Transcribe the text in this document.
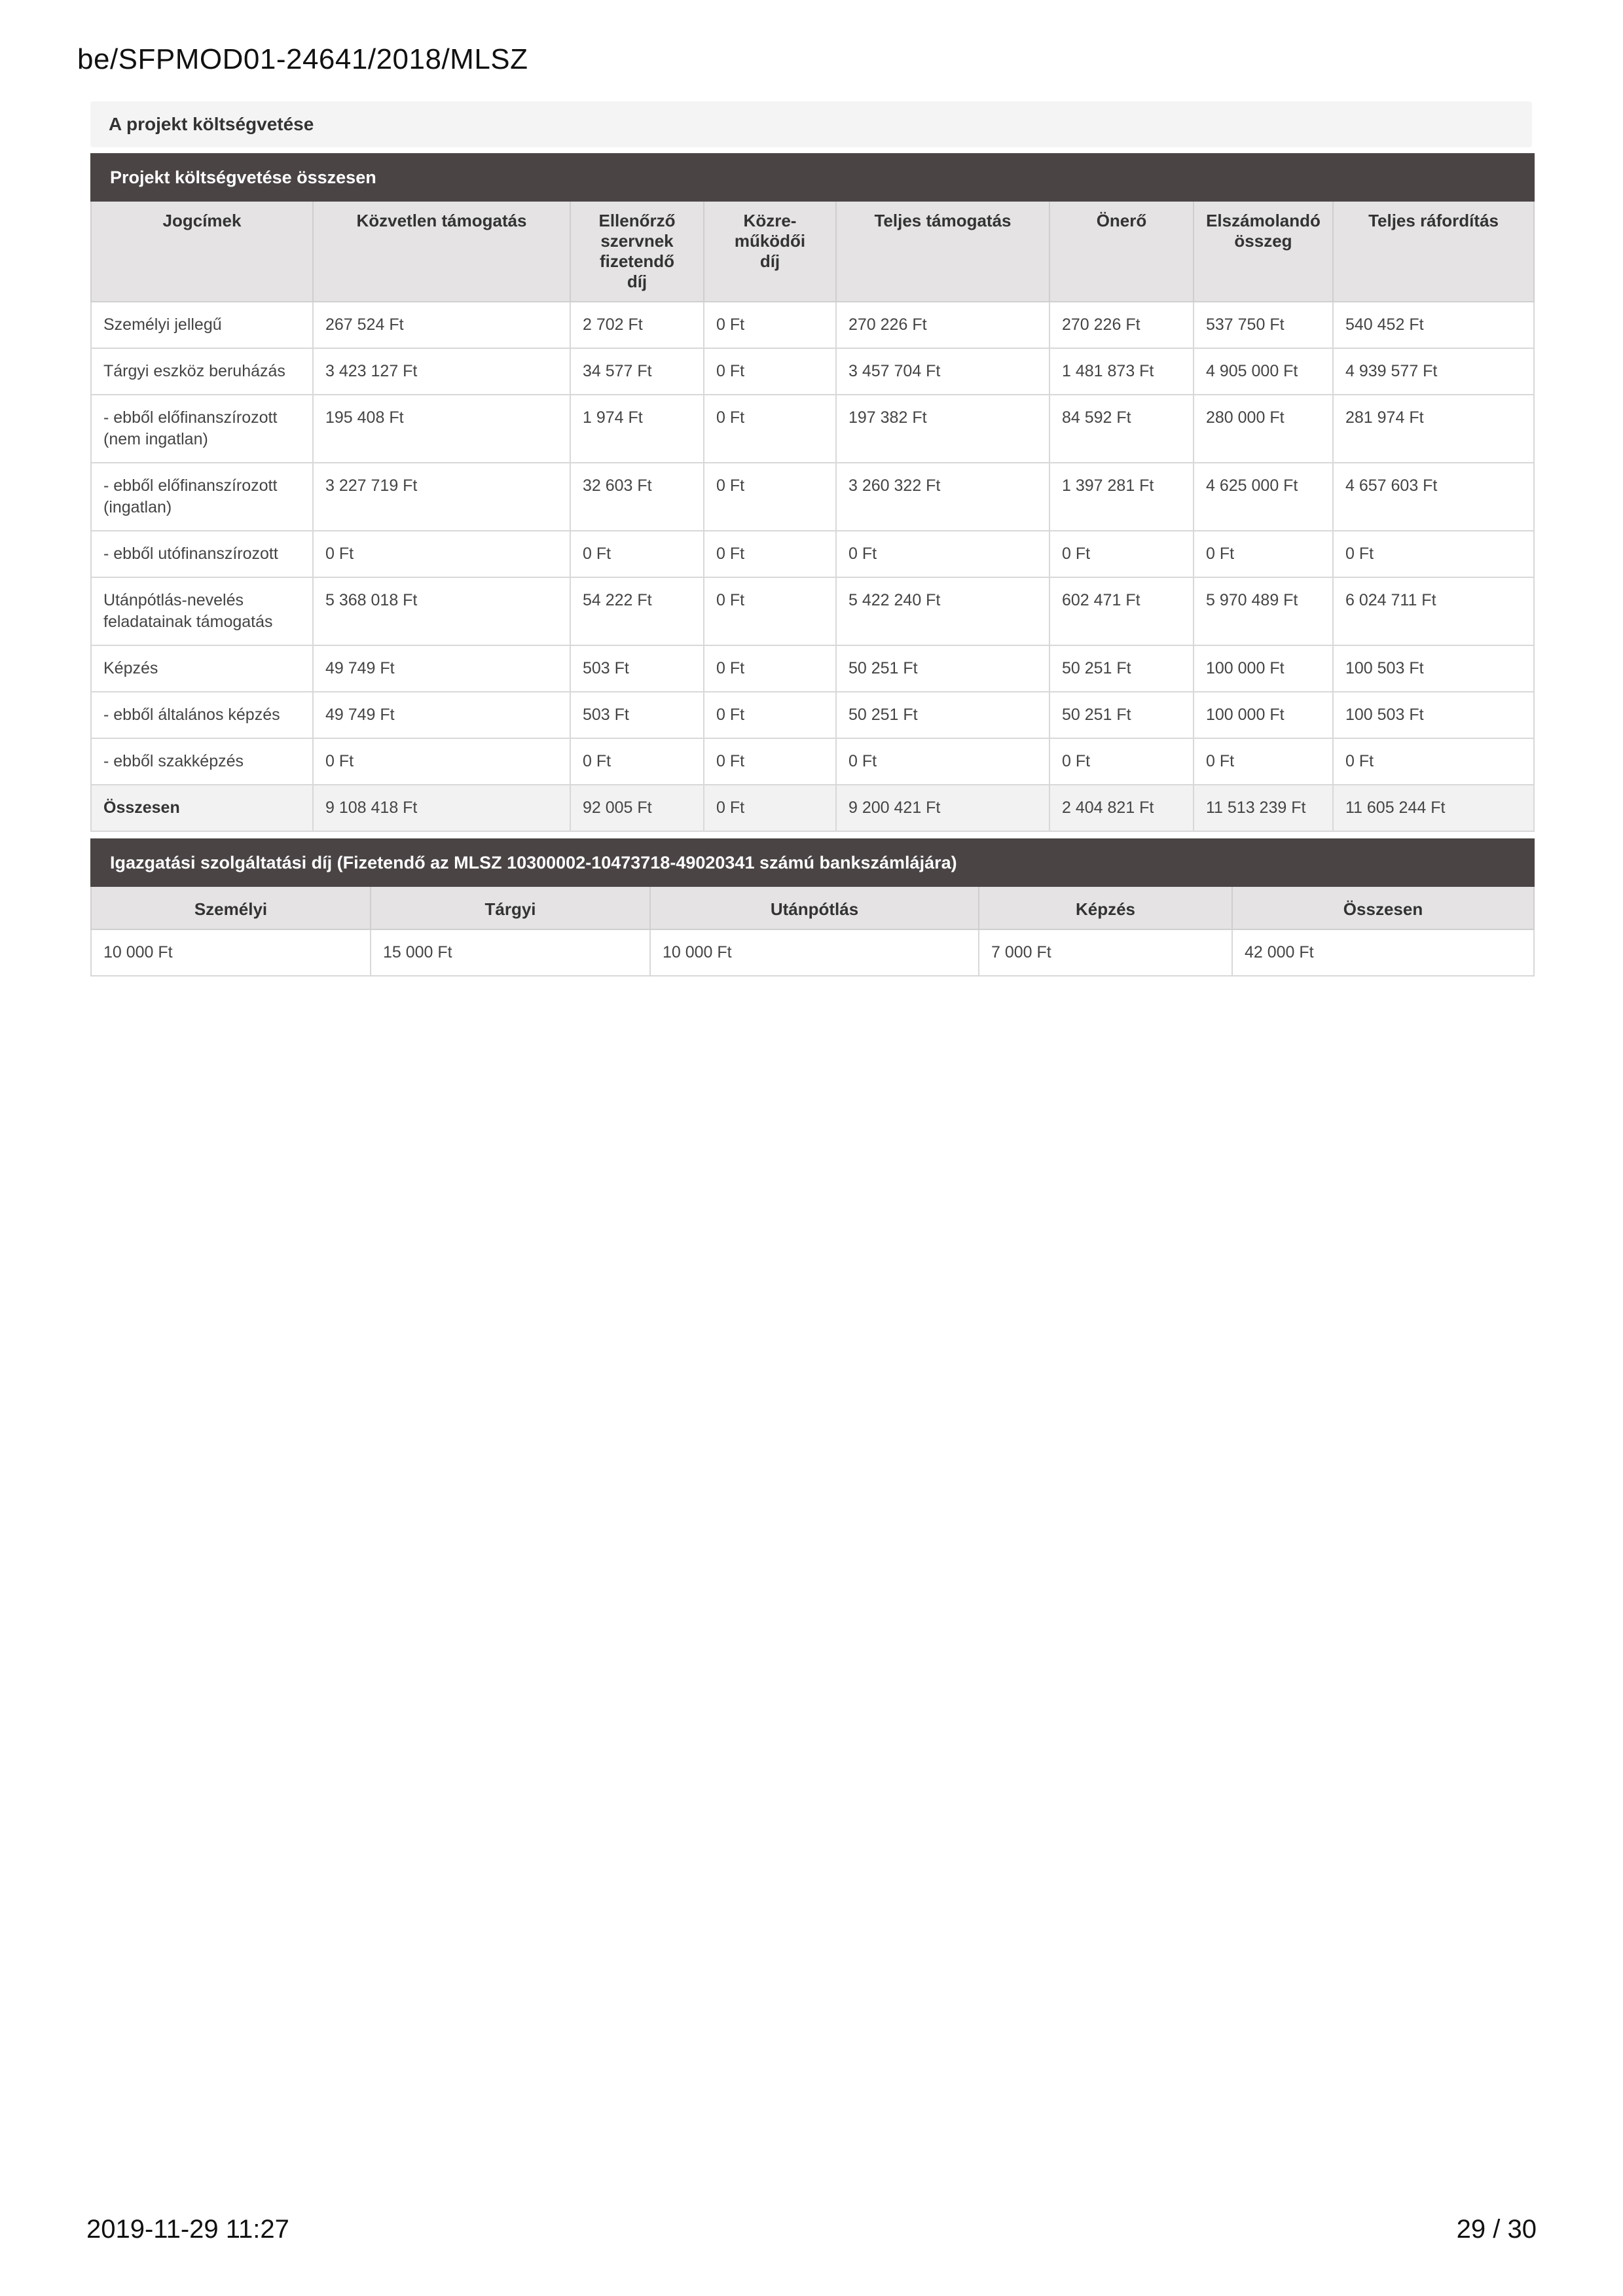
be/SFPMOD01-24641/2018/MLSZ
A projekt költségvetése
Projekt költségvetése összesen							
Jogcímek	Közvetlen támogatás	Ellenőrző
szervnek
fizetendő
díj	Közre-
működői
díj	Teljes támogatás	Önerő	Elszámolandó
összeg	Teljes ráfordítás
Személyi jellegű	267 524 Ft	2 702 Ft	0 Ft	270 226 Ft	270 226 Ft	537 750 Ft	540 452 Ft
Tárgyi eszköz beruházás	3 423 127 Ft	34 577 Ft	0 Ft	3 457 704 Ft	1 481 873 Ft	4 905 000 Ft	4 939 577 Ft
- ebből előfinanszírozott (nem ingatlan)	195 408 Ft	1 974 Ft	0 Ft	197 382 Ft	84 592 Ft	280 000 Ft	281 974 Ft
- ebből előfinanszírozott (ingatlan)	3 227 719 Ft	32 603 Ft	0 Ft	3 260 322 Ft	1 397 281 Ft	4 625 000 Ft	4 657 603 Ft
- ebből utófinanszírozott	0 Ft	0 Ft	0 Ft	0 Ft	0 Ft	0 Ft	0 Ft
Utánpótlás-nevelés feladatainak támogatás	5 368 018 Ft	54 222 Ft	0 Ft	5 422 240 Ft	602 471 Ft	5 970 489 Ft	6 024 711 Ft
Képzés	49 749 Ft	503 Ft	0 Ft	50 251 Ft	50 251 Ft	100 000 Ft	100 503 Ft
- ebből általános képzés	49 749 Ft	503 Ft	0 Ft	50 251 Ft	50 251 Ft	100 000 Ft	100 503 Ft
- ebből szakképzés	0 Ft	0 Ft	0 Ft	0 Ft	0 Ft	0 Ft	0 Ft
Összesen	9 108 418 Ft	92 005 Ft	0 Ft	9 200 421 Ft	2 404 821 Ft	11 513 239 Ft	11 605 244 Ft
Igazgatási szolgáltatási díj (Fizetendő az MLSZ 10300002-10473718-49020341 számú bankszámlájára)				
Személyi	Tárgyi	Utánpótlás	Képzés	Összesen
10 000 Ft	15 000 Ft	10 000 Ft	7 000 Ft	42 000 Ft
2019-11-29 11:27	29 / 30
